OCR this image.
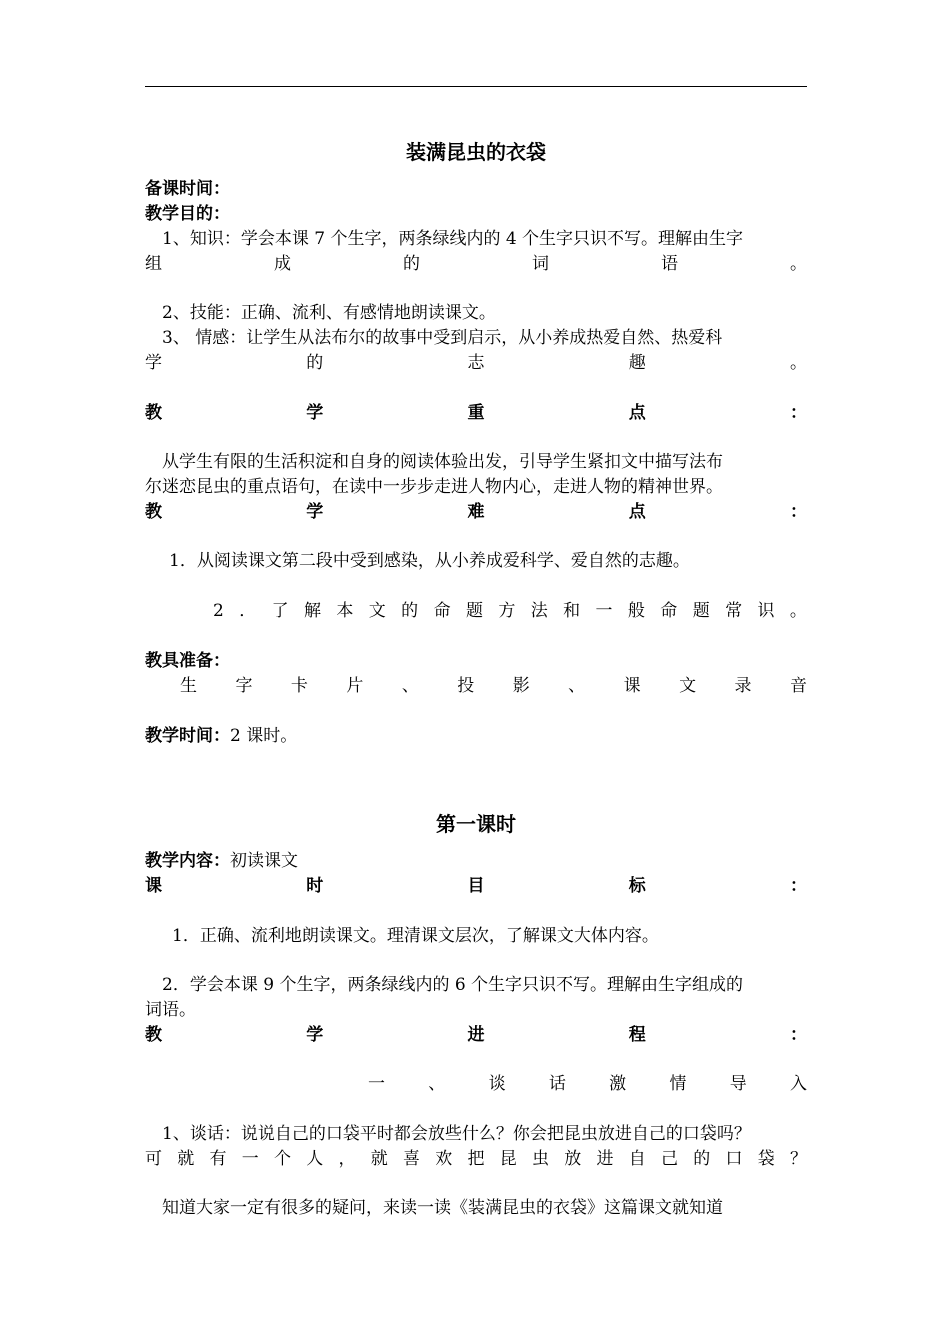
装满昆虫的衣袋
备课时间：
教学目的：
1、知识：学会本课 7 个生字，两条绿线内的 4 个生字只识不写。理解由生字
组	成	的	词	语	。
2、技能：正确、流利、有感情地朗读课文。
3、 情感：让学生从法布尔的故事中受到启示，从小养成热爱自然、热爱科
学	的	志	趣	。
教	学	重	点	：
从学生有限的生活积淀和自身的阅读体验出发，引导学生紧扣文中描写法布
尔迷恋昆虫的重点语句，在读中一步步走进人物内心，走进人物的精神世界。
教	学	难	点	：
1．从阅读课文第二段中受到感染，从小养成爱科学、爱自然的志趣。
2 ． 了 解 本 文 的 命 题 方 法 和 一 般 命 题 常 识 。
教具准备：
生 字 卡 片 、 投 影 、 课 文 录 音
教学时间：2 课时。
第一课时
教学内容：初读课文
课	时	目	标	：
1．正确、流利地朗读课文。理清课文层次，了解课文大体内容。
2．学会本课 9 个生字，两条绿线内的 6 个生字只识不写。理解由生字组成的
词语。
教	学	进	程	：
一	、	谈	话	激	情	导	入
1、谈话：说说自己的口袋平时都会放些什么？你会把昆虫放进自己的口袋吗？
可 就 有 一 个 人 ， 就 喜 欢 把 昆 虫 放 进 自 己 的 口 袋 ？
知道大家一定有很多的疑问，来读一读《装满昆虫的衣袋》这篇课文就知道
